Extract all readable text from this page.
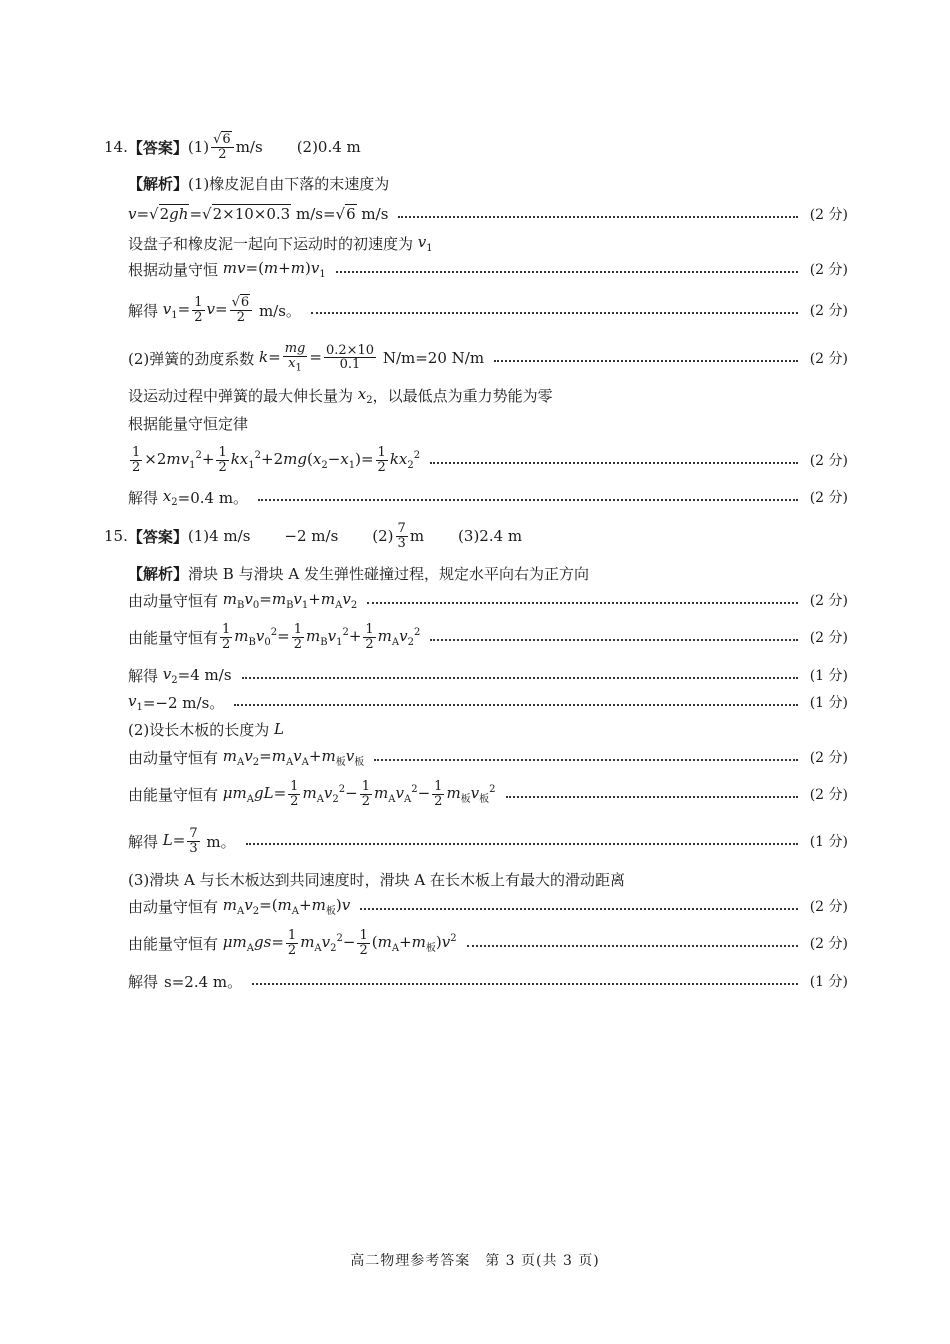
14. 【答案】 $(1) \frac{√6}{2} m/s$ (2)0.4 m
【解析】 (1)橡皮泥自由下落的末速度为
v=√2gh=√2×10×0.3 m/s =√6 m/s	(2 分)
设盘子和橡皮泥一起向下运动时的初速度为 $v_1$
根据动量守恒 $mv=(m+m)v_1$	(2 分)
解得 $v_1= \frac{1}{2} v= \frac{√6}{2}$
m/s。	(2 分)
(2)弹簧的劲度系数 $k= \frac{mg}{x_1} = \frac{0.2\times 10}{0.1}$
N/m=20 N/m	(2 分)
设运动过程中弹簧的最大伸长量为 $x_2$ ，以最低点为重力势能为零
根据能量守恒定律
$\frac{1}{2} \times 2mv_1^2+ \frac{1}{2} kx_1^2+2mg(x_2-x_1)= \frac{1}{2} kx_2^2$	(2 分)
解得 $x_2 =0.4$ m。	(2 分)
15. 【答案】 (1)4 m/s −2 m/s $(2) \frac{7}{3}$ m (3)2.4 m
【解析】 滑块 B 与滑块 A 发生弹性碰撞过程，规定水平向右为正方向
由动量守恒有 $m_Bv_0=m_Bv_1+m_Av_2$	(2 分)
由能量守恒有 $\frac{1}{2} m_Bv_0^2= \frac{1}{2} m_Bv_1^2+ \frac{1}{2} m_Av_2^2$	(2 分)
解得 $v_2 =4$ m/s	(1 分)
$v_1 =-2$ m/s。	(1 分)
(2)设长木板的长度为 L
由动量守恒有 $m_Av_2=m_Av_A+m_板v_板$	(2 分)
由能量守恒有 $\mu m_AgL= \frac{1}{2} m_Av_2^2- \frac{1}{2} m_Av_A^2- \frac{1}{2} m_板v_板^2$	(2 分)
解得 $L= \frac{7}{3}$
m。	(1 分)
(3)滑块 A 与长木板达到共同速度时，滑块 A 在长木板上有最大的滑动距离
由动量守恒有 $m_Av_2=(m_A+m_板)v$	(2 分)
由能量守恒有 $\mu m_Ags= \frac{1}{2} m_Av_2^2- \frac{1}{2} (m_A+m_板)v^2$	(2 分)
解得 s=2.4 m。	(1 分)
高二物理参考答案　第 3 页(共 3 页)
